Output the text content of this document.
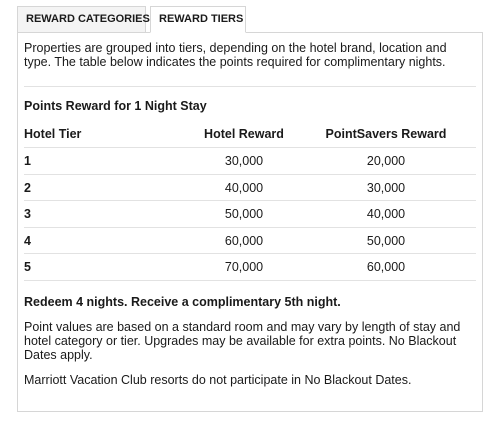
REWARD CATEGORIES REWARD TIERS

Properties are grouped into tiers, depending on the hotel brand, location and type. The table below indicates the points required for complimentary nights.

Points Reward for 1 Night Stay

Hotel Tier	Hotel Reward	PointSavers Reward
1	30,000	20,000
2	40,000	30,000
3	50,000	40,000
4	60,000	50,000
5	70,000	60,000

Redeem 4 nights. Receive a complimentary 5th night.

Point values are based on a standard room and may vary by length of stay and hotel category or tier. Upgrades may be available for extra points. No Blackout Dates apply.

Marriott Vacation Club resorts do not participate in No Blackout Dates.
